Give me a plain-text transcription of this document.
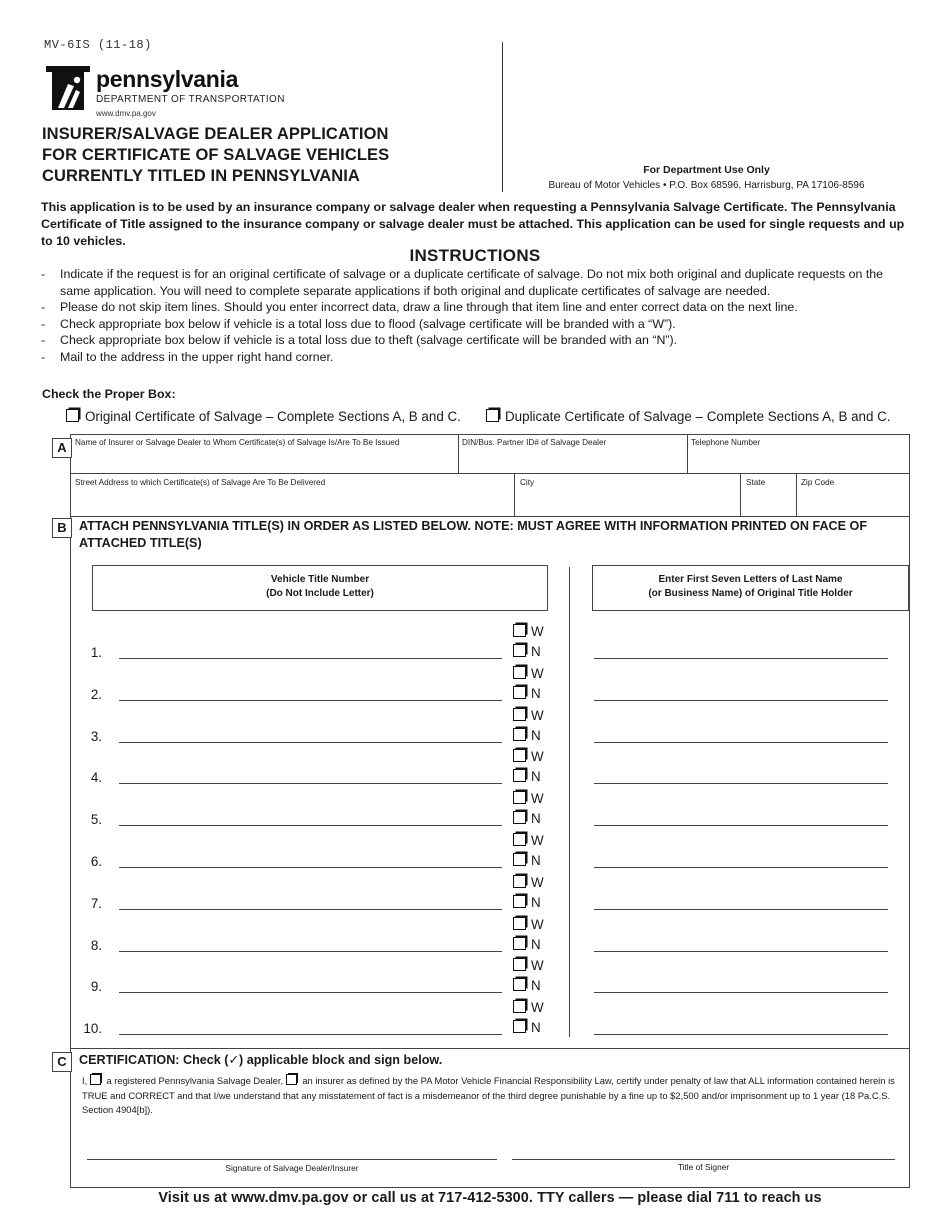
MV-6IS (11-18)
pennsylvania
DEPARTMENT OF TRANSPORTATION
www.dmv.pa.gov
INSURER/SALVAGE DEALER APPLICATION
FOR CERTIFICATE OF SALVAGE VEHICLES
CURRENTLY TITLED IN PENNSYLVANIA	For Department Use Only
Bureau of Motor Vehicles • P.O. Box 68596, Harrisburg, PA 17106-8596
This application is to be used by an insurance company or salvage dealer when requesting a Pennsylvania Salvage Certificate. The Pennsylvania Certificate of Title assigned to the insurance company or salvage dealer must be attached. This application can be used for single requests and up to 10 vehicles.
INSTRUCTIONS
- Indicate if the request is for an original certificate of salvage or a duplicate certificate of salvage. Do not mix both original and duplicate requests on the same application. You will need to complete separate applications if both original and duplicate certificates of salvage are needed.
- Please do not skip item lines. Should you enter incorrect data, draw a line through that item line and enter correct data on the next line.
- Check appropriate box below if vehicle is a total loss due to flood (salvage certificate will be branded with a “W”).
- Check appropriate box below if vehicle is a total loss due to theft (salvage certificate will be branded with an “N”).
- Mail to the address in the upper right hand corner.
Check the Proper Box:
Original Certificate of Salvage – Complete Sections A, B and C.	Duplicate Certificate of Salvage – Complete Sections A, B and C.
A	Name of Insurer or Salvage Dealer to Whom Certificate(s) of Salvage Is/Are To Be Issued	DIN/Bus. Partner ID# of Salvage Dealer	Telephone Number
Street Address to which Certificate(s) of Salvage Are To Be Delivered	City	State	Zip Code
B ATTACH PENNSYLVANIA TITLE(S) IN ORDER AS LISTED BELOW. NOTE: MUST AGREE WITH INFORMATION PRINTED ON FACE OF ATTACHED TITLE(S)
Vehicle Title Number
(Do Not Include Letter)
Enter First Seven Letters of Last Name
(or Business Name) of Original Title Holder
1.
W
N
2.
W
N
3.
W
N
4.
W
N
5.
W
N
6.
W
N
7.
W
N
8.
W
N
9.
W
N
10.
W
N
C CERTIFICATION: Check (✓) applicable block and sign below.
I, a registered Pennsylvania Salvage Dealer, an insurer as defined by the PA Motor Vehicle Financial Responsibility Law, certify under penalty of law that ALL information contained herein is TRUE and CORRECT and that I/we understand that any misstatement of fact is a misdemeanor of the third degree punishable by a fine up to $2,500 and/or imprisonment up to 1 year (18 Pa.C.S. Section 4904[b]).
Signature of Salvage Dealer/Insurer	Title of Signer
Visit us at www.dmv.pa.gov or call us at 717-412-5300. TTY callers — please dial 711 to reach us
